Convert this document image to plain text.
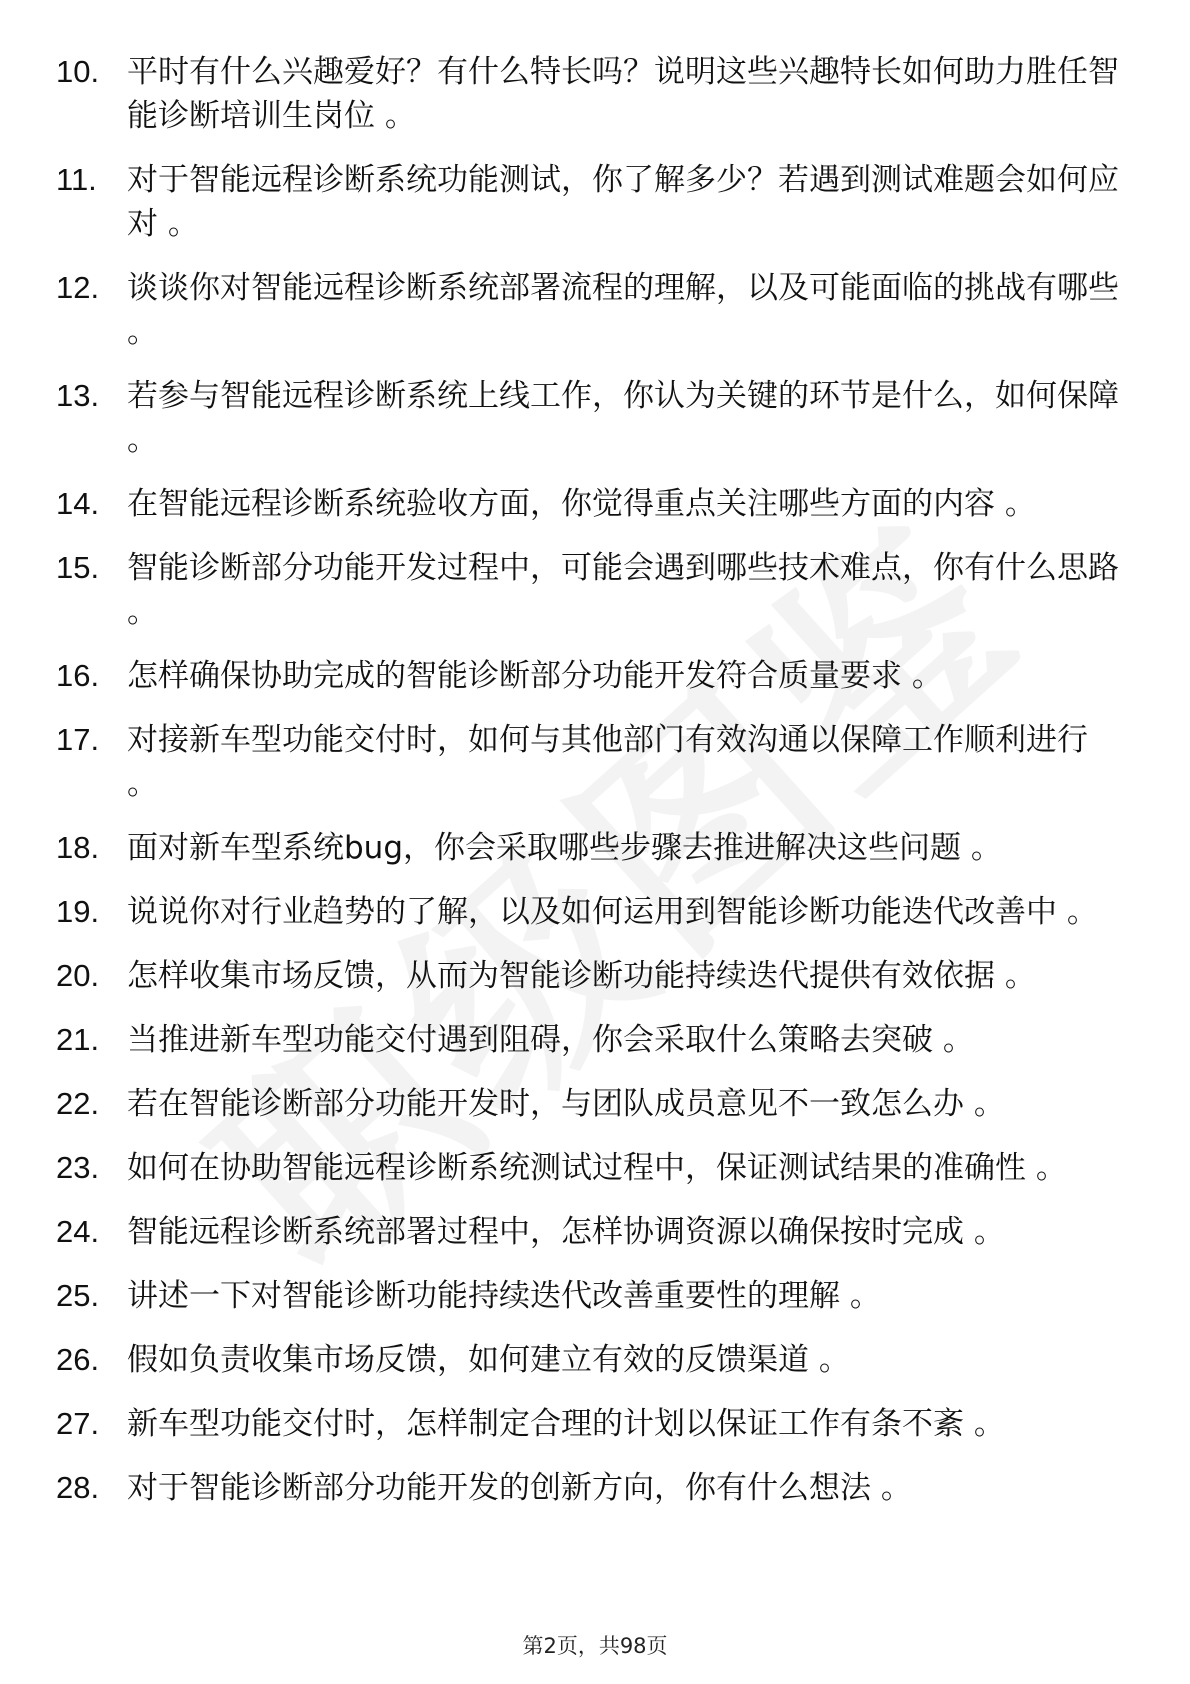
10. 平时有什么兴趣爱好？有什么特长吗？说明这些兴趣特长如何助力胜任智能诊断培训生岗位 。
11. 对于智能远程诊断系统功能测试，你了解多少？若遇到测试难题会如何应对 。
12. 谈谈你对智能远程诊断系统部署流程的理解，以及可能面临的挑战有哪些 。
13. 若参与智能远程诊断系统上线工作，你认为关键的环节是什么，如何保障 。
14. 在智能远程诊断系统验收方面，你觉得重点关注哪些方面的内容 。
15. 智能诊断部分功能开发过程中，可能会遇到哪些技术难点，你有什么思路 。
16. 怎样确保协助完成的智能诊断部分功能开发符合质量要求 。
17. 对接新车型功能交付时，如何与其他部门有效沟通以保障工作顺利进行 。
18. 面对新车型系统bug，你会采取哪些步骤去推进解决这些问题 。
19. 说说你对行业趋势的了解，以及如何运用到智能诊断功能迭代改善中 。
20. 怎样收集市场反馈，从而为智能诊断功能持续迭代提供有效依据 。
21. 当推进新车型功能交付遇到阻碍，你会采取什么策略去突破 。
22. 若在智能诊断部分功能开发时，与团队成员意见不一致怎么办 。
23. 如何在协助智能远程诊断系统测试过程中，保证测试结果的准确性 。
24. 智能远程诊断系统部署过程中，怎样协调资源以确保按时完成 。
25. 讲述一下对智能诊断功能持续迭代改善重要性的理解 。
26. 假如负责收集市场反馈，如何建立有效的反馈渠道 。
27. 新车型功能交付时，怎样制定合理的计划以保证工作有条不紊 。
28. 对于智能诊断部分功能开发的创新方向，你有什么想法 。
第2页，共98页
